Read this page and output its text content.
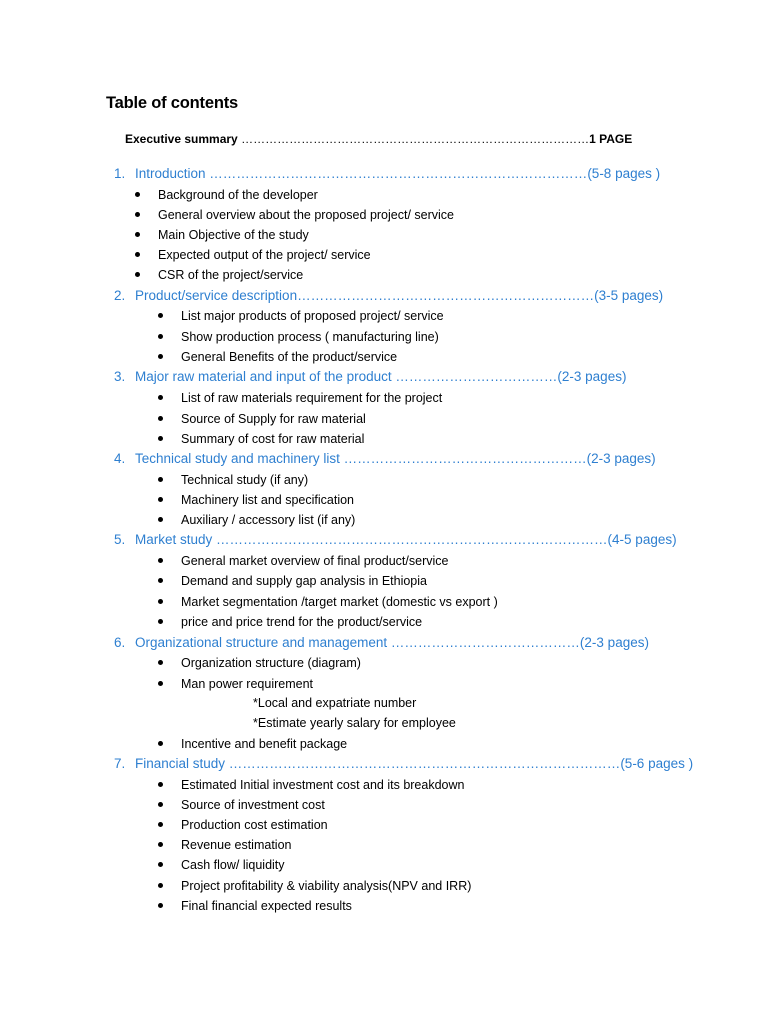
Table of contents
Executive summary ……………………………………………………………………………1 PAGE
1. Introduction …………………………………………………………………………(5-8 pages )
Background of the developer
General overview about the proposed project/ service
Main Objective of the study
Expected output of the project/ service
CSR of the project/service
2. Product/service description…………………………………………………………(3-5 pages)
List major products of proposed project/ service
Show production process ( manufacturing line)
General Benefits of the product/service
3. Major raw material and input of the product ………………………………(2-3 pages)
List of raw materials requirement for the project
Source of Supply for raw material
Summary of cost for raw material
4. Technical study and machinery list ………………………………………………(2-3 pages)
Technical study (if any)
Machinery list and specification
Auxiliary / accessory list (if any)
5. Market study ……………………………………………………………………………(4-5 pages)
General market overview of final product/service
Demand and supply gap analysis in Ethiopia
Market segmentation /target market (domestic vs export )
price and price trend for the product/service
6. Organizational structure and management ……………………………………(2-3 pages)
Organization structure (diagram)
Man power requirement
*Local and expatriate number
*Estimate yearly salary for employee
Incentive and benefit package
7. Financial study ……………………………………………………………………………(5-6 pages )
Estimated Initial investment cost and its breakdown
Source of investment cost
Production cost estimation
Revenue estimation
Cash flow/ liquidity
Project profitability & viability analysis(NPV and IRR)
Final financial expected results
